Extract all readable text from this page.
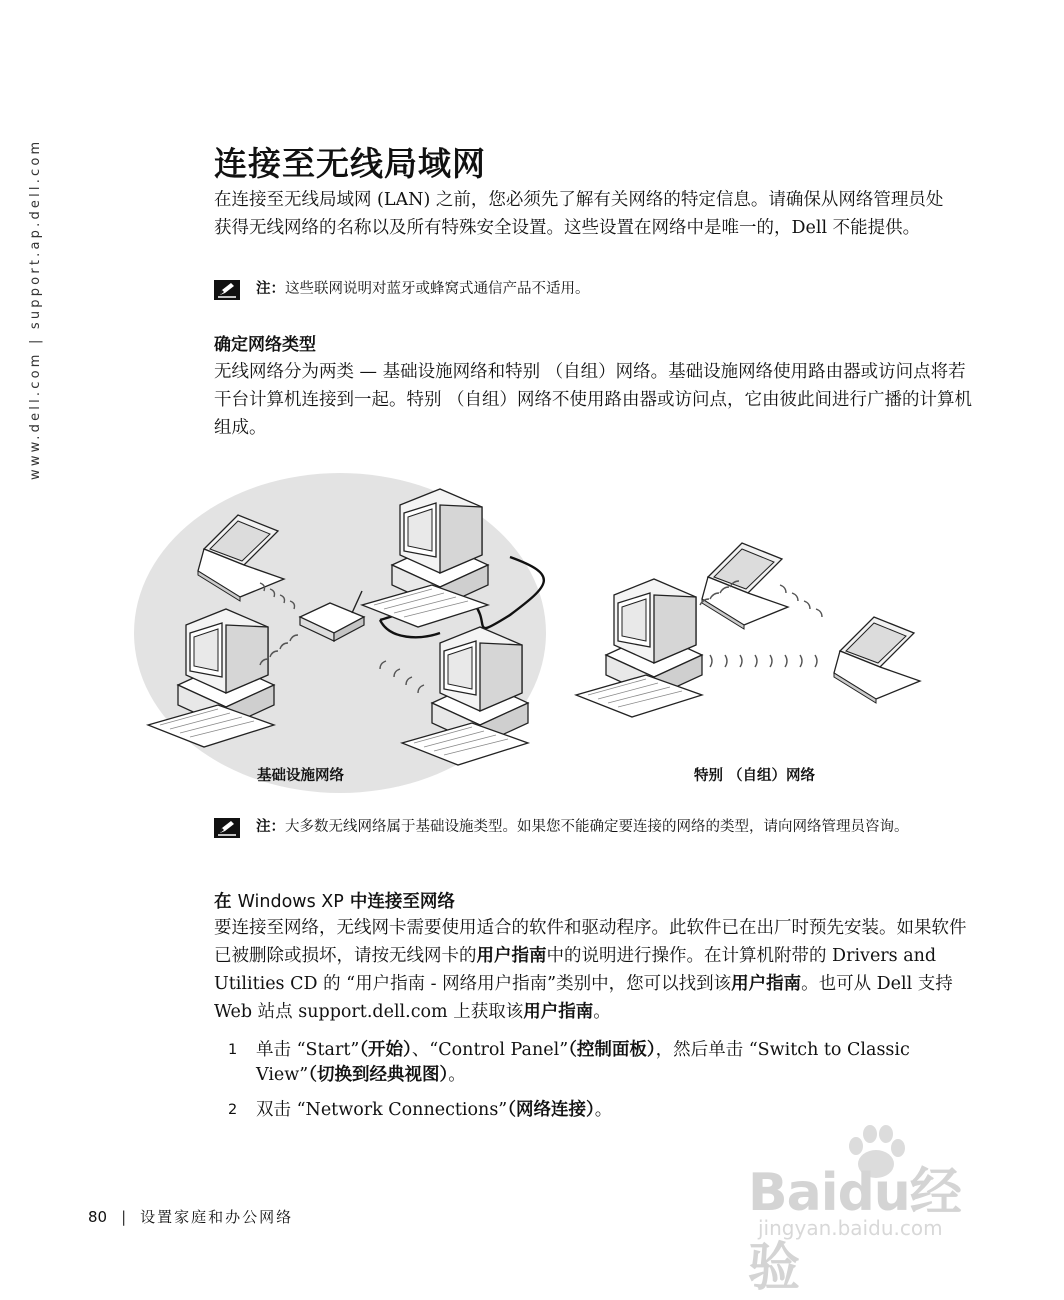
www.dell.com | support.ap.dell.com	连接至无线局域网

在连接至无线局域网 (LAN) 之前，您必须先了解有关网络的特定信息。请确保从网络管理员处获得无线网络的名称以及所有特殊安全设置。这些设置在网络中是唯一的，Dell 不能提供。

注：这些联网说明对蓝牙或蜂窝式通信产品不适用。
确定网络类型

无线网络分为两类 — 基础设施网络和特别 （自组）网络。基础设施网络使用路由器或访问点将若干台计算机连接到一起。特别 （自组）网络不使用路由器或访问点，它由彼此间进行广播的计算机组成。

注：大多数无线网络属于基础设施类型。如果您不能确定要连接的网络的类型，请向网络管理员咨询。
在 Windows XP 中连接至网络

要连接至网络，无线网卡需要使用适合的软件和驱动程序。此软件已在出厂时预先安装。如果软件已被删除或损坏，请按无线网卡的用户指南中的说明进行操作。在计算机附带的 Drivers and Utilities CD 的 “用户指南 - 网络用户指南”类别中，您可以找到该用户指南。也可从 Dell 支持 Web 站点 support.dell.com 上获取该用户指南。

1 单击 “Start”（开始）、“Control Panel”（控制面板），然后单击 “Switch to Classic View”（切换到经典视图）。
2 双击 “Network Connections”（网络连接）。
基础设施网络	特别 （自组）网络
80 | 设置家庭和办公网络	Baidu经验
jingyan.baidu.com
